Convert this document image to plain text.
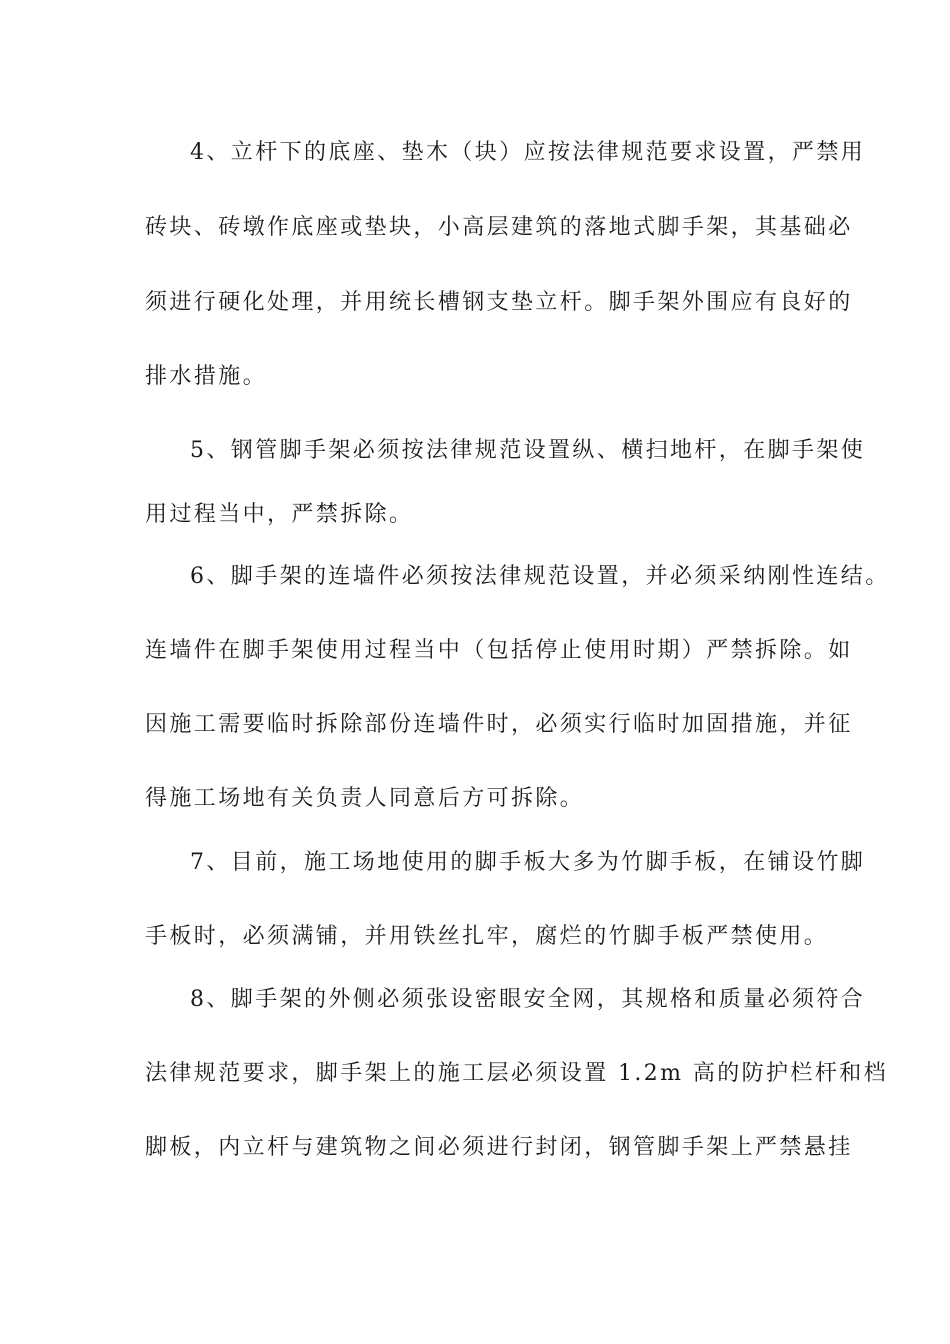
4、立杆下的底座、垫木（块）应按法律规范要求设置，严禁用
砖块、砖墩作底座或垫块，小高层建筑的落地式脚手架，其基础必
须进行硬化处理，并用统长槽钢支垫立杆。脚手架外围应有良好的
排水措施。
5、钢管脚手架必须按法律规范设置纵、横扫地杆，在脚手架使
用过程当中，严禁拆除。
6、脚手架的连墙件必须按法律规范设置，并必须采纳刚性连结。
连墙件在脚手架使用过程当中（包括停止使用时期）严禁拆除。如
因施工需要临时拆除部份连墙件时，必须实行临时加固措施，并征
得施工场地有关负责人同意后方可拆除。
7、目前，施工场地使用的脚手板大多为竹脚手板，在铺设竹脚
手板时，必须满铺，并用铁丝扎牢，腐烂的竹脚手板严禁使用。
8、脚手架的外侧必须张设密眼安全网，其规格和质量必须符合
法律规范要求，脚手架上的施工层必须设置 1.2m 高的防护栏杆和档
脚板，内立杆与建筑物之间必须进行封闭，钢管脚手架上严禁悬挂
